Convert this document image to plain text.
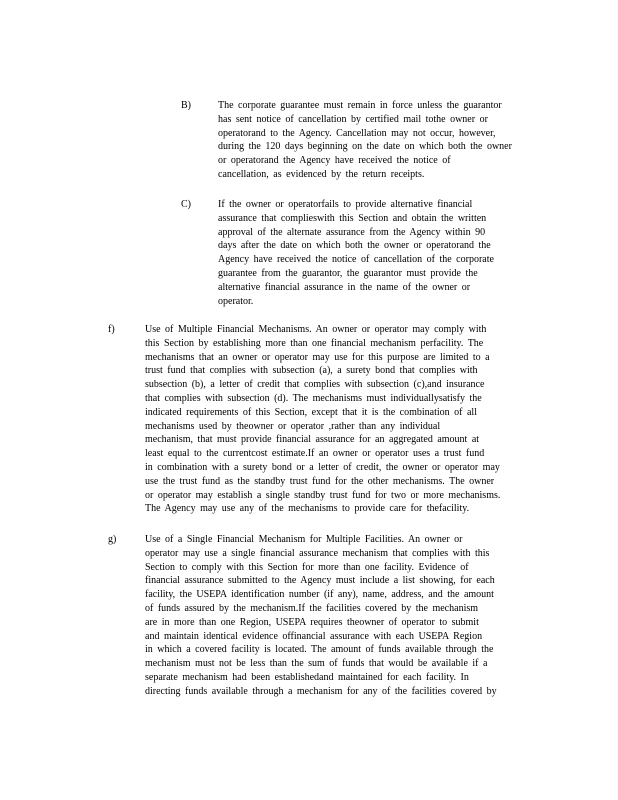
B)	The corporate guarantee must remain in force unless the guarantor
has sent notice of cancellation by certified mail tothe owner or
operatorand to the Agency. Cancellation may not occur, however,
during the 120 days beginning on the date on which both the owner
or operatorand the Agency have received the notice of
cancellation, as evidenced by the return receipts.
C)	If the owner or operatorfails to provide alternative financial
assurance that complieswith this Section and obtain the written
approval of the alternate assurance from the Agency within 90
days after the date on which both the owner or operatorand the
Agency have received the notice of cancellation of the corporate
guarantee from the guarantor, the guarantor must provide the
alternative financial assurance in the name of the owner or
operator.
f)	Use of Multiple Financial Mechanisms. An owner or operator may comply with
this Section by establishing more than one financial mechanism perfacility. The
mechanisms that an owner or operator may use for this purpose are limited to a
trust fund that complies with subsection (a), a surety bond that complies with
subsection (b), a letter of credit that complies with subsection (c),and insurance
that complies with subsection (d). The mechanisms must individuallysatisfy the
indicated requirements of this Section, except that it is the combination of all
mechanisms used by theowner or operator ,rather than any individual
mechanism, that must provide financial assurance for an aggregated amount at
least equal to the currentcost estimate.If an owner or operator uses a trust fund
in combination with a surety bond or a letter of credit, the owner or operator may
use the trust fund as the standby trust fund for the other mechanisms. The owner
or operator may establish a single standby trust fund for two or more mechanisms.
The Agency may use any of the mechanisms to provide care for thefacility.
g)	Use of a Single Financial Mechanism for Multiple Facilities. An owner or
operator may use a single financial assurance mechanism that complies with this
Section to comply with this Section for more than one facility. Evidence of
financial assurance submitted to the Agency must include a list showing, for each
facility, the USEPA identification number (if any), name, address, and the amount
of funds assured by the mechanism.If the facilities covered by the mechanism
are in more than one Region, USEPA requires theowner of operator to submit
and maintain identical evidence offinancial assurance with each USEPA Region
in which a covered facility is located. The amount of funds available through the
mechanism must not be less than the sum of funds that would be available if a
separate mechanism had been establishedand maintained for each facility. In
directing funds available through a mechanism for any of the facilities covered by
